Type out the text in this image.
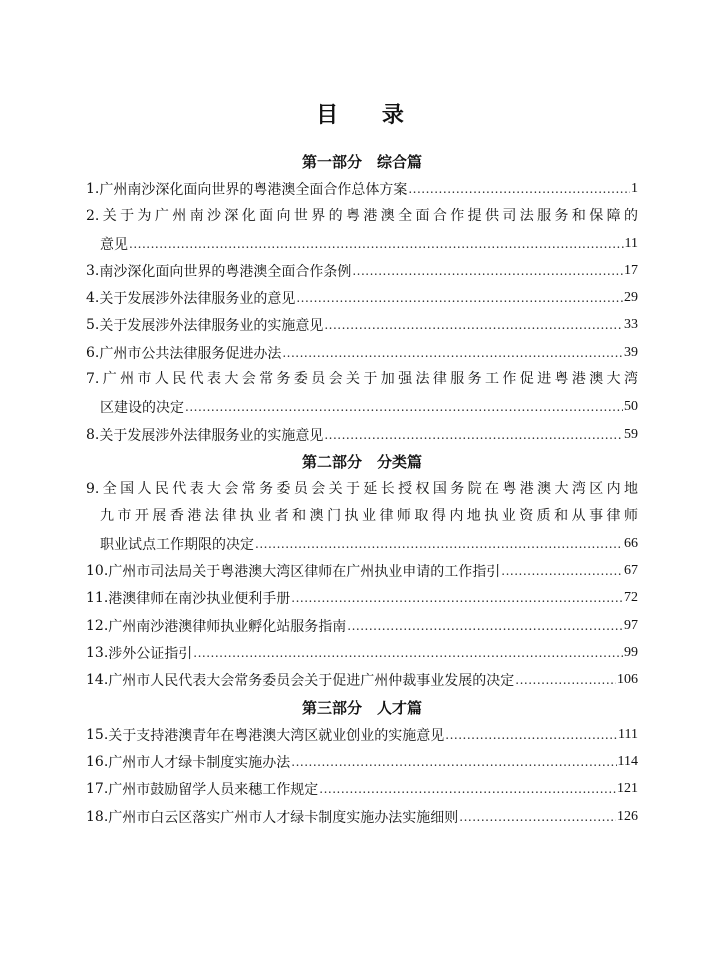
目 录
第一部分　综合篇
1. 广州南沙深化面向世界的粤港澳全面合作总体方案 .....	1
2.关于为广州南沙深化面向世界的粤港澳全面合作提供司法服务和保障的
意见 .....	11
3. 南沙深化面向世界的粤港澳全面合作条例 .....	17
4. 关于发展涉外法律服务业的意见 .....	29
5. 关于发展涉外法律服务业的实施意见 .....	33
6. 广州市公共法律服务促进办法 .....	39
7.广州市人民代表大会常务委员会关于加强法律服务工作促进粤港澳大湾
区建设的决定 .....	50
8. 关于发展涉外法律服务业的实施意见 .....	59
第二部分　分类篇
9.全国人民代表大会常务委员会关于延长授权国务院在粤港澳大湾区内地
九市开展香港法律执业者和澳门执业律师取得内地执业资质和从事律师
职业试点工作期限的决定 .....	66
10. 广州市司法局关于粤港澳大湾区律师在广州执业申请的工作指引 .....	67
11. 港澳律师在南沙执业便利手册 .....	72
12. 广州南沙港澳律师执业孵化站服务指南 .....	97
13. 涉外公证指引 .....	99
14. 广州市人民代表大会常务委员会关于促进广州仲裁事业发展的决定 .....	106
第三部分　人才篇
15. 关于支持港澳青年在粤港澳大湾区就业创业的实施意见 .....	111
16. 广州市人才绿卡制度实施办法 .....	114
17. 广州市鼓励留学人员来穗工作规定 .....	121
18. 广州市白云区落实广州市人才绿卡制度实施办法实施细则 .....	126
